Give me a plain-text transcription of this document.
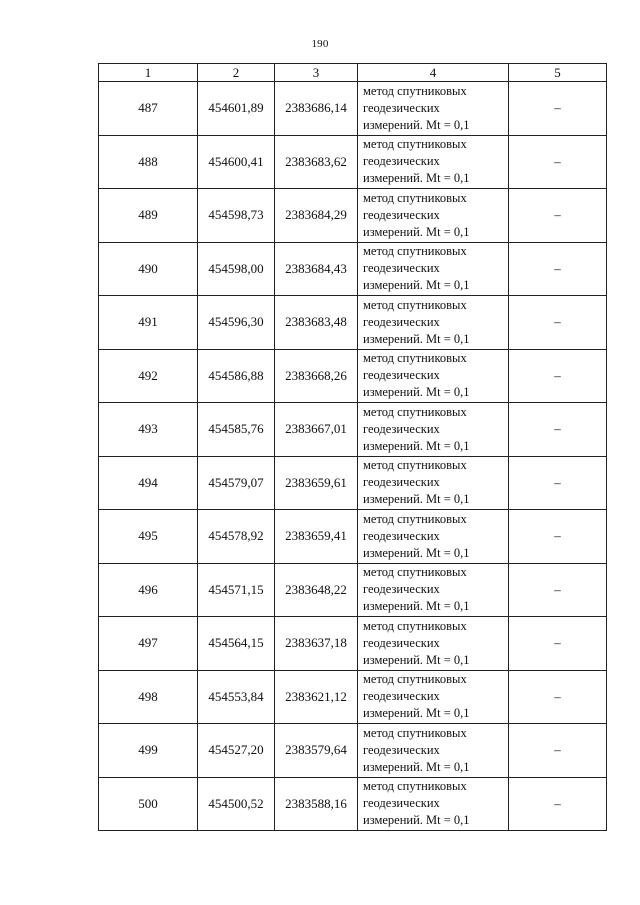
190
1	2	3	4	5
487	454601,89	2383686,14	метод спутниковых
геодезических
измерений. Mt = 0,1	–
488	454600,41	2383683,62	метод спутниковых
геодезических
измерений. Mt = 0,1	–
489	454598,73	2383684,29	метод спутниковых
геодезических
измерений. Mt = 0,1	–
490	454598,00	2383684,43	метод спутниковых
геодезических
измерений. Mt = 0,1	–
491	454596,30	2383683,48	метод спутниковых
геодезических
измерений. Mt = 0,1	–
492	454586,88	2383668,26	метод спутниковых
геодезических
измерений. Mt = 0,1	–
493	454585,76	2383667,01	метод спутниковых
геодезических
измерений. Mt = 0,1	–
494	454579,07	2383659,61	метод спутниковых
геодезических
измерений. Mt = 0,1	–
495	454578,92	2383659,41	метод спутниковых
геодезических
измерений. Mt = 0,1	–
496	454571,15	2383648,22	метод спутниковых
геодезических
измерений. Mt = 0,1	–
497	454564,15	2383637,18	метод спутниковых
геодезических
измерений. Mt = 0,1	–
498	454553,84	2383621,12	метод спутниковых
геодезических
измерений. Mt = 0,1	–
499	454527,20	2383579,64	метод спутниковых
геодезических
измерений. Mt = 0,1	–
500	454500,52	2383588,16	метод спутниковых
геодезических
измерений. Mt = 0,1	–
